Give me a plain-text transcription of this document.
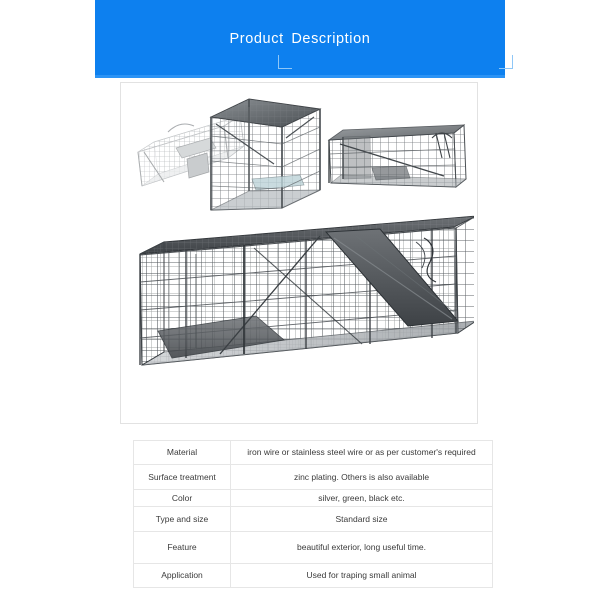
Product Description
Material	iron wire or stainless steel wire or as per customer's required
Surface treatment	zinc plating. Others is also available
Color	silver, green, black etc.
Type and size	Standard size
Feature	beautiful exterior, long useful time.
Application	Used for traping small animal
